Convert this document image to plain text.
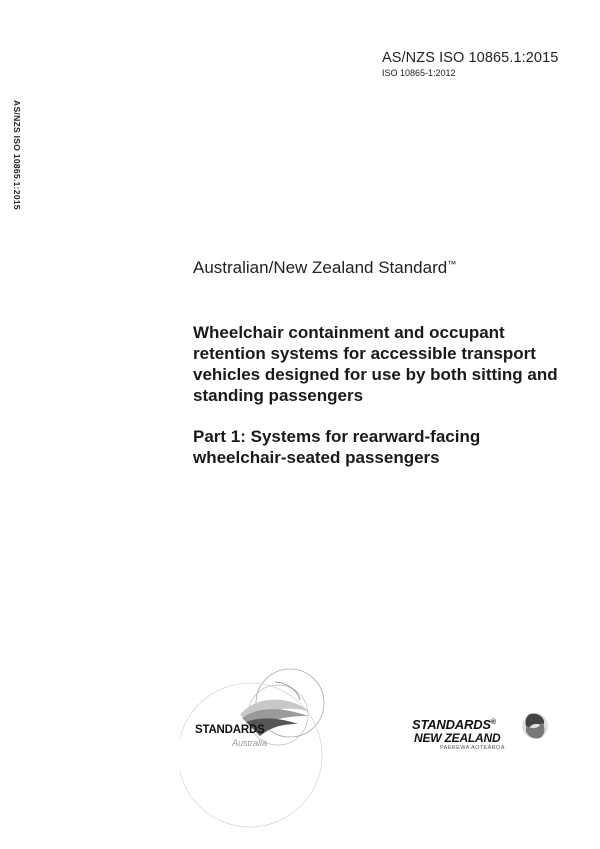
AS/NZS ISO 10865.1:2015
ISO 10865-1:2012
AS/NZS ISO 10865.1:2015
Australian/New Zealand Standard™
Wheelchair containment and occupant retention systems for accessible transport vehicles designed for use by both sitting and standing passengers
Part 1: Systems for rearward-facing wheelchair-seated passengers
STANDARDS
Australia
STANDARDS®
NEW ZEALAND
PAEREWA AOTEAROA
